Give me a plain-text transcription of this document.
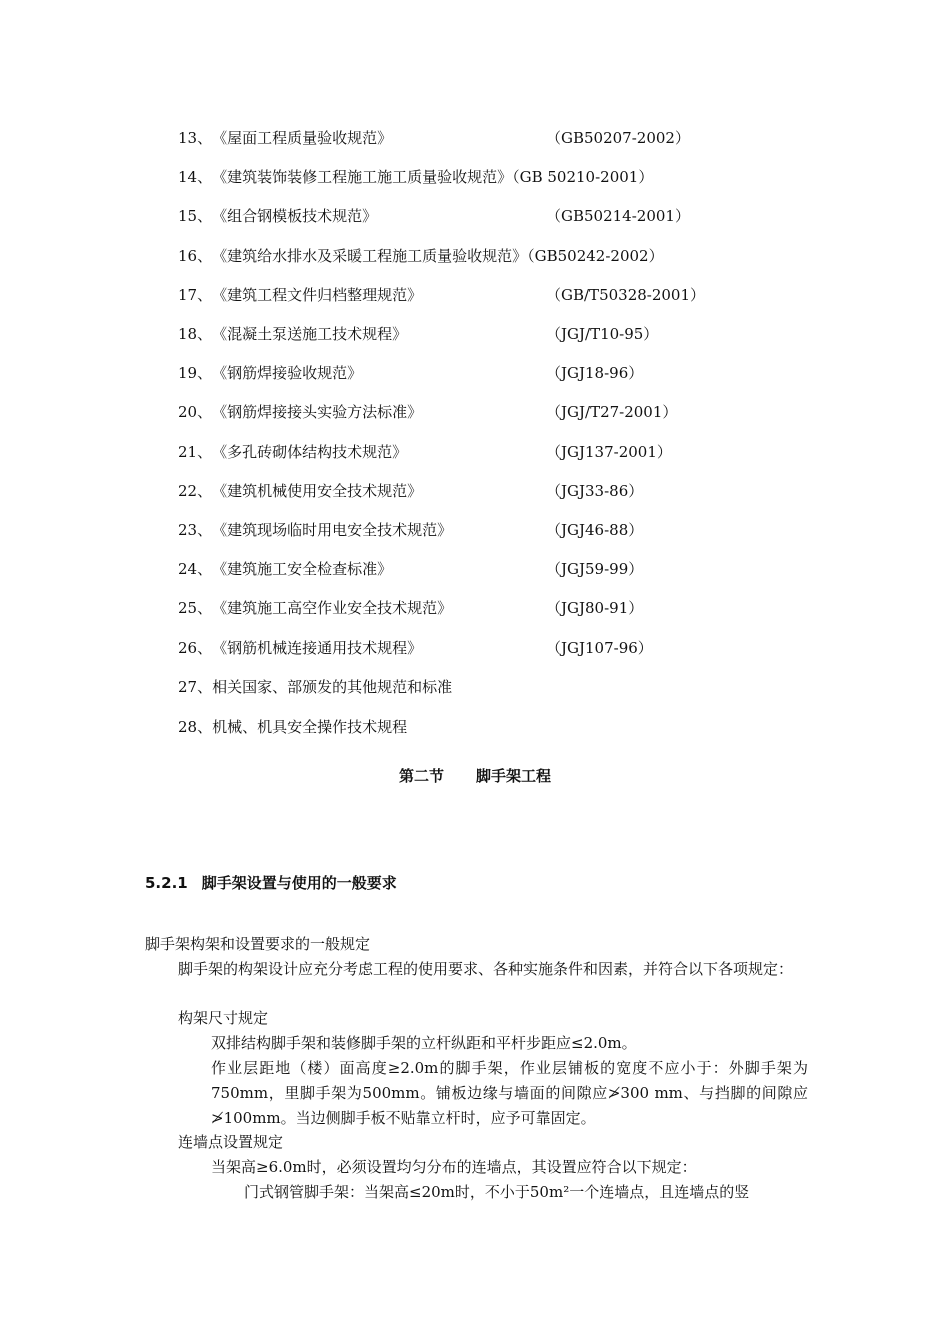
13、《屋面工程质量验收规范》	（GB50207-2002）
14、《建筑装饰装修工程施工施工质量验收规范》（GB 50210-2001）
15、《组合钢模板技术规范》	（GB50214-2001）
16、《建筑给水排水及采暖工程施工质量验收规范》（GB50242-2002）
17、《建筑工程文件归档整理规范》	（GB/T50328-2001）
18、《混凝土泵送施工技术规程》	（JGJ/T10-95）
19、《钢筋焊接验收规范》	（JGJ18-96）
20、《钢筋焊接接头实验方法标准》	（JGJ/T27-2001）
21、《多孔砖砌体结构技术规范》	（JGJ137-2001）
22、《建筑机械使用安全技术规范》	（JGJ33-86）
23、《建筑现场临时用电安全技术规范》	（JGJ46-88）
24、《建筑施工安全检查标准》	（JGJ59-99）
25、《建筑施工高空作业安全技术规范》	（JGJ80-91）
26、《钢筋机械连接通用技术规程》	（JGJ107-96）
27、相关国家、部颁发的其他规范和标准
28、机械、机具安全操作技术规程
第二节 脚手架工程
5.2.1 脚手架设置与使用的一般要求
脚手架构架和设置要求的一般规定
脚手架的构架设计应充分考虑工程的使用要求、各种实施条件和因素，并符合以下各项规定：
构架尺寸规定
双排结构脚手架和装修脚手架的立杆纵距和平杆步距应≤2.0m。
作业层距地（楼）面高度≥2.0m的脚手架，作业层铺板的宽度不应小于：外脚手架为750mm，里脚手架为500mm。铺板边缘与墙面的间隙应≯300 mm、与挡脚的间隙应≯100mm。当边侧脚手板不贴靠立杆时，应予可靠固定。
连墙点设置规定
当架高≥6.0m时，必须设置均匀分布的连墙点，其设置应符合以下规定：
门式钢管脚手架：当架高≤20m时，不小于50m²一个连墙点，且连墙点的竖
